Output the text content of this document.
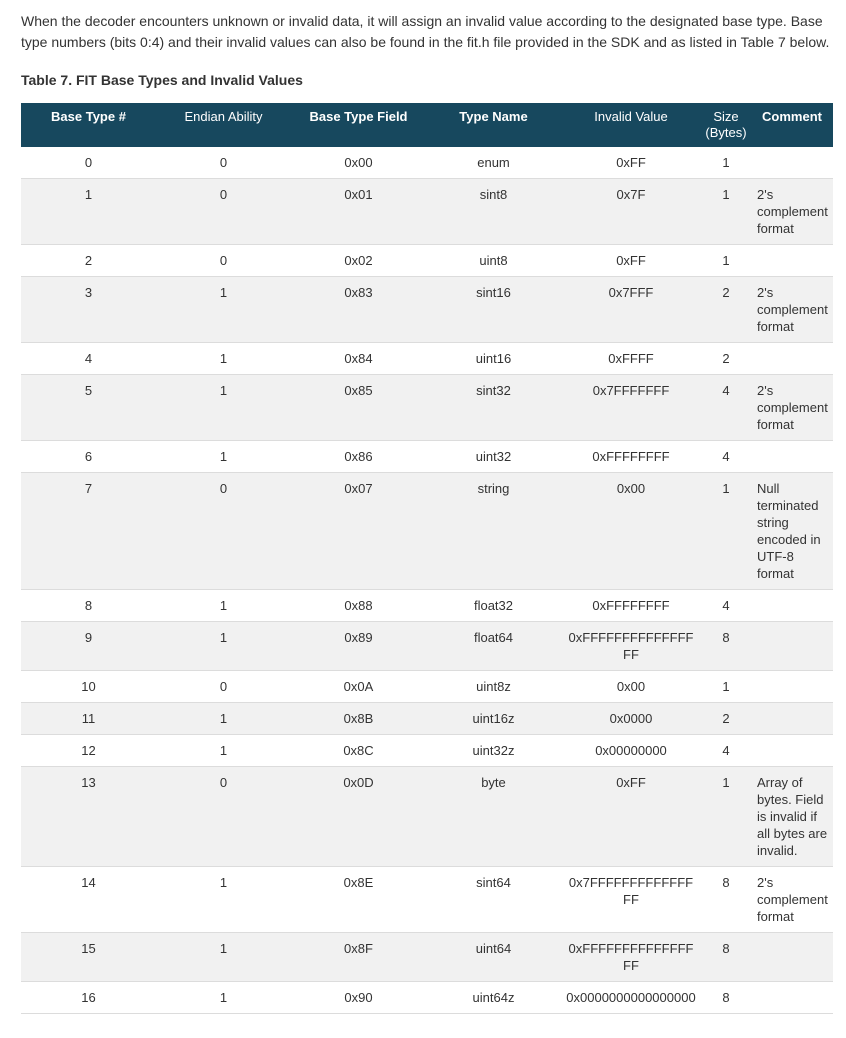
When the decoder encounters unknown or invalid data, it will assign an invalid value according to the designated base type. Base type numbers (bits 0:4) and their invalid values can also be found in the fit.h file provided in the SDK and as listed in Table 7 below.

Table 7. FIT Base Types and Invalid Values

Base Type #	Endian Ability	Base Type Field	Type Name	Invalid Value	Size (Bytes)	Comment
0	0	0x00	enum	0xFF	1	
1	0	0x01	sint8	0x7F	1	2's complement format
2	0	0x02	uint8	0xFF	1	
3	1	0x83	sint16	0x7FFF	2	2's complement format
4	1	0x84	uint16	0xFFFF	2	
5	1	0x85	sint32	0x7FFFFFFF	4	2's complement format
6	1	0x86	uint32	0xFFFFFFFF	4	
7	0	0x07	string	0x00	1	Null terminated string encoded in UTF-8 format
8	1	0x88	float32	0xFFFFFFFF	4	
9	1	0x89	float64	0xFFFFFFFFFFFFFFFF	8	
10	0	0x0A	uint8z	0x00	1	
11	1	0x8B	uint16z	0x0000	2	
12	1	0x8C	uint32z	0x00000000	4	
13	0	0x0D	byte	0xFF	1	Array of bytes. Field is invalid if all bytes are invalid.
14	1	0x8E	sint64	0x7FFFFFFFFFFFFFFF	8	2's complement format
15	1	0x8F	uint64	0xFFFFFFFFFFFFFFFF	8	
16	1	0x90	uint64z	0x0000000000000000	8	
